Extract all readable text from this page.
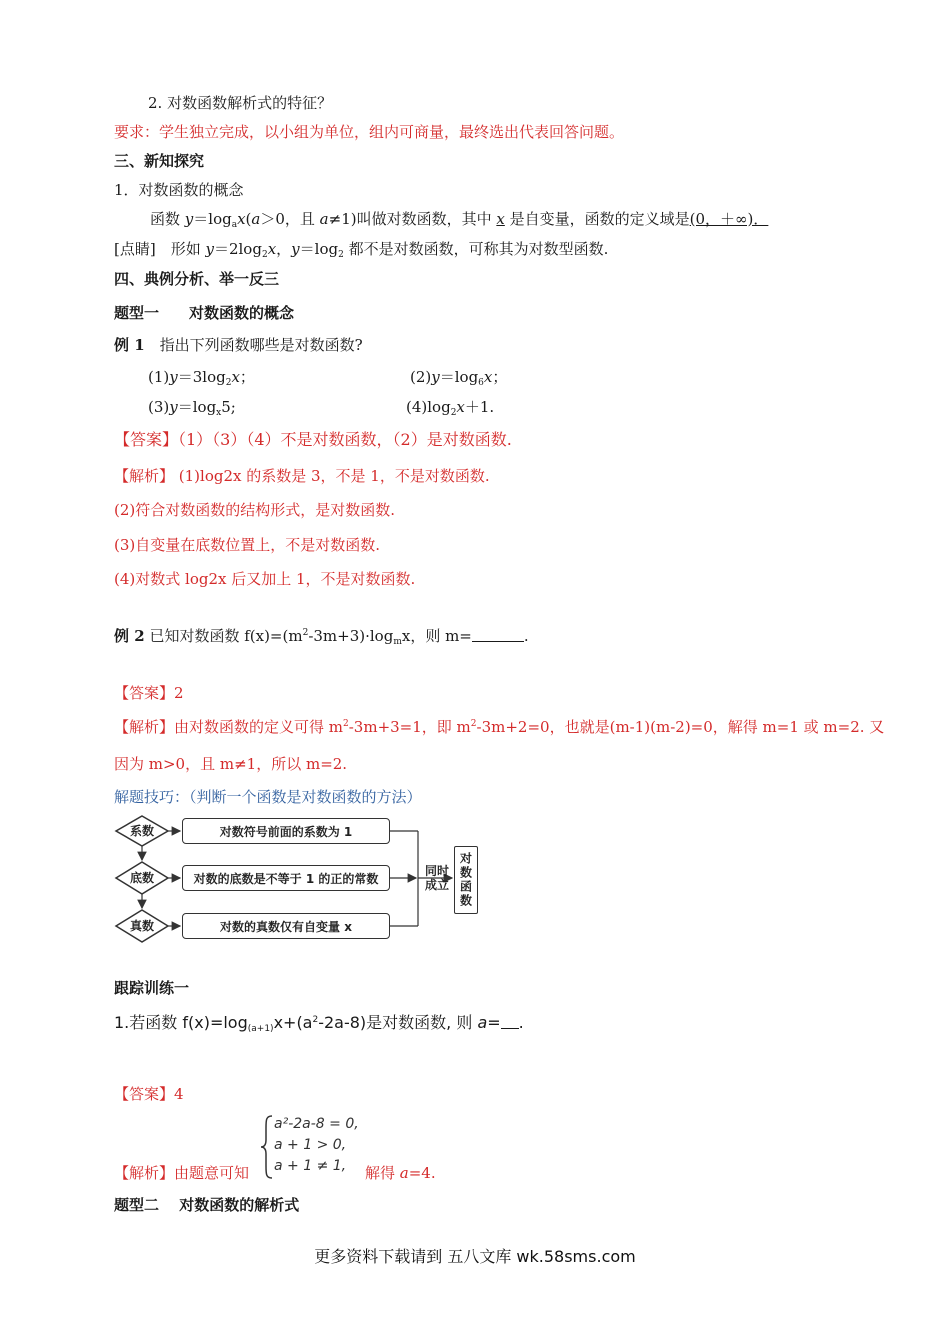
2. 对数函数解析式的特征？
要求：学生独立完成，以小组为单位，组内可商量，最终选出代表回答问题。
三、新知探究
1．对数函数的概念
函数 $y=\log_ax(a>0$，且 a≠1)叫做对数函数，其中 x 是自变量，函数的定义域是(0，＋∞)．
[点睛]　形如 $y=2\log_2x$，$y=\log_2$ 都不是对数函数，可称其为对数型函数.
四、典例分析、举一反三
题型一　　对数函数的概念
例 1　指出下列函数哪些是对数函数?
$(1)y=3\log_2x$；	$(2)y=\log_6x$；
$(3)y=\log_x5$;	$(4)\log_2x+1$.
【答案】（1）（3）（4）不是对数函数，（2）是对数函数.
【解析】 (1)log2x 的系数是 3，不是 1，不是对数函数.
(2)符合对数函数的结构形式，是对数函数.
(3)自变量在底数位置上，不是对数函数.
(4)对数式 log2x 后又加上 1，不是对数函数.
例 2 已知对数函数 $f(x)=(m^2-3m+3)\cdot\log_mx$，则 m=	.
【答案】2
【解析】由对数函数的定义可得 $m^2-3m+3=1$，即 $m^2-3m+2=0$，也就是(m-1)(m-2)=0，解得 m=1 或 m=2. 又
因为 m>0，且 m≠1，所以 m=2.
解题技巧：（判断一个函数是对数函数的方法）
系数
底数
真数
对数符号前面的系数为 1
对数的底数是不等于 1 的正的常数
对数的真数仅有自变量 x
同时成立 对数函数
跟踪训练一
1.若函数 $f(x)=\log_{(a+1)}x+(a^2-2a-8)$是对数函数, 则 a= .
【答案】4
a²-2a-8 = 0,
a + 1 > 0,
a + 1 ≠ 1,
【解析】由题意可知	解得 a=4.
题型二　 对数函数的解析式
更多资料下载请到 五八文库 wk.58sms.com
